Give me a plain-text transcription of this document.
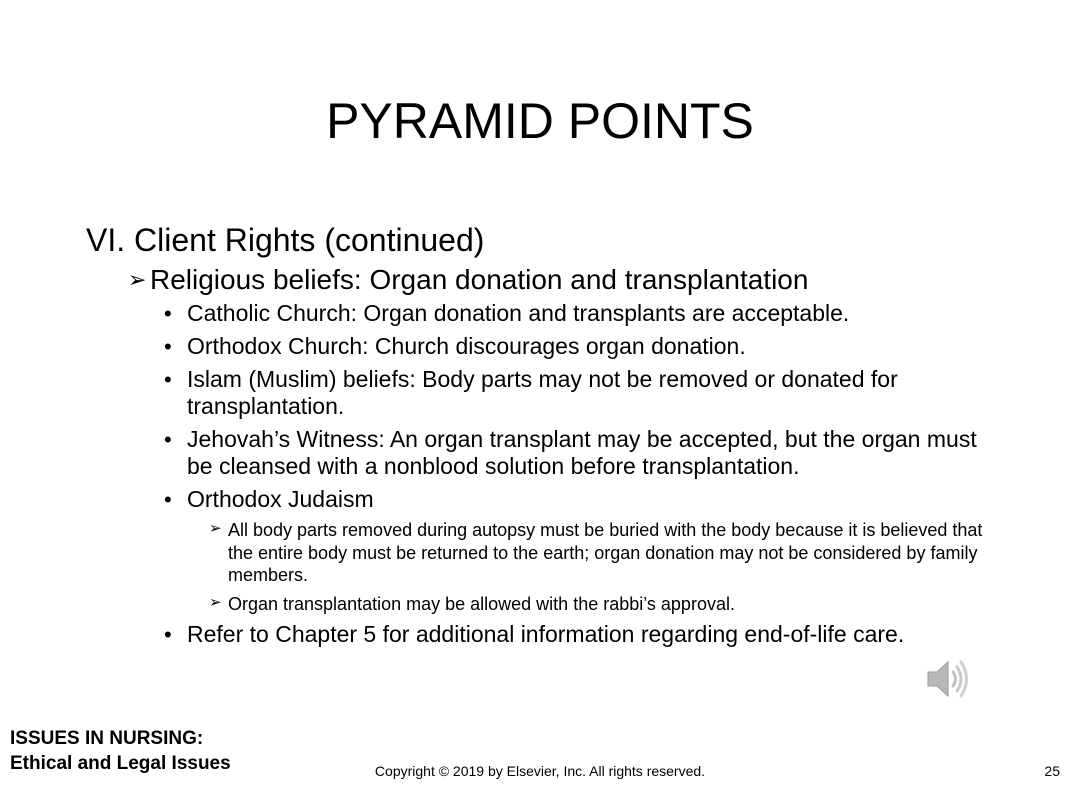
PYRAMID POINTS

VI. Client Rights (continued)

➢ Religious beliefs: Organ donation and transplantation
• Catholic Church: Organ donation and transplants are acceptable.
• Orthodox Church: Church discourages organ donation.
• Islam (Muslim) beliefs: Body parts may not be removed or donated for transplantation.
• Jehovah’s Witness: An organ transplant may be accepted, but the organ must be cleansed with a nonblood solution before transplantation.
• Orthodox Judaism
➢ All body parts removed during autopsy must be buried with the body because it is believed that the entire body must be returned to the earth; organ donation may not be considered by family members.
➢ Organ transplantation may be allowed with the rabbi’s approval.
• Refer to Chapter 5 for additional information regarding end-of-life care.
ISSUES IN NURSING:
Ethical and Legal Issues	Copyright © 2019 by Elsevier, Inc. All rights reserved.	25
